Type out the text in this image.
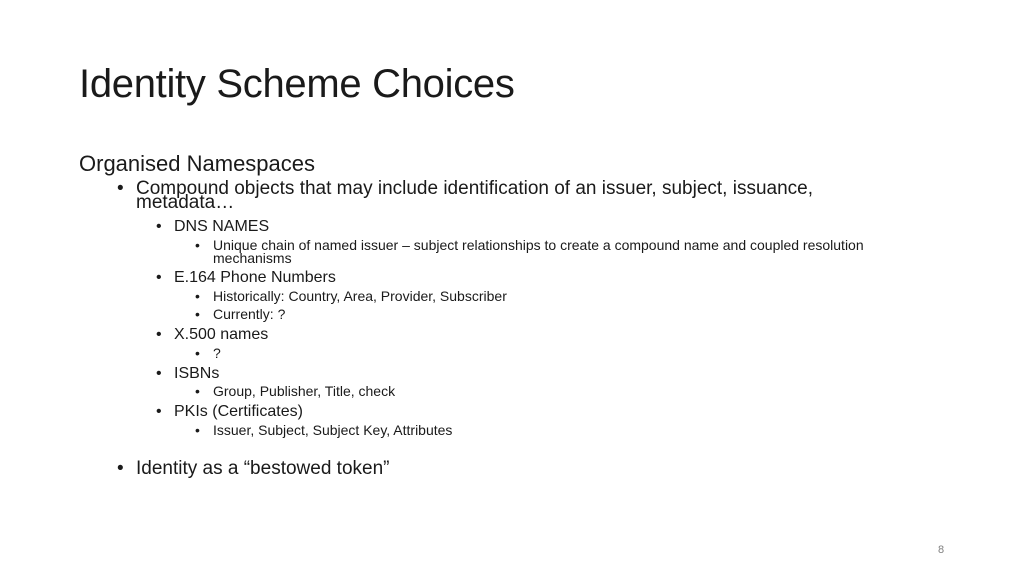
Identity Scheme Choices
Organised Namespaces
• Compound objects that may include identification of an issuer, subject, issuance, metadata…
• DNS NAMES
• Unique chain of named issuer – subject relationships to create a compound name and coupled resolution mechanisms
• E.164 Phone Numbers
• Historically: Country, Area, Provider, Subscriber
• Currently: ?
• X.500 names
• ?
• ISBNs
• Group, Publisher, Title, check
• PKIs (Certificates)
• Issuer, Subject, Subject Key, Attributes
• Identity as a “bestowed token”
8
